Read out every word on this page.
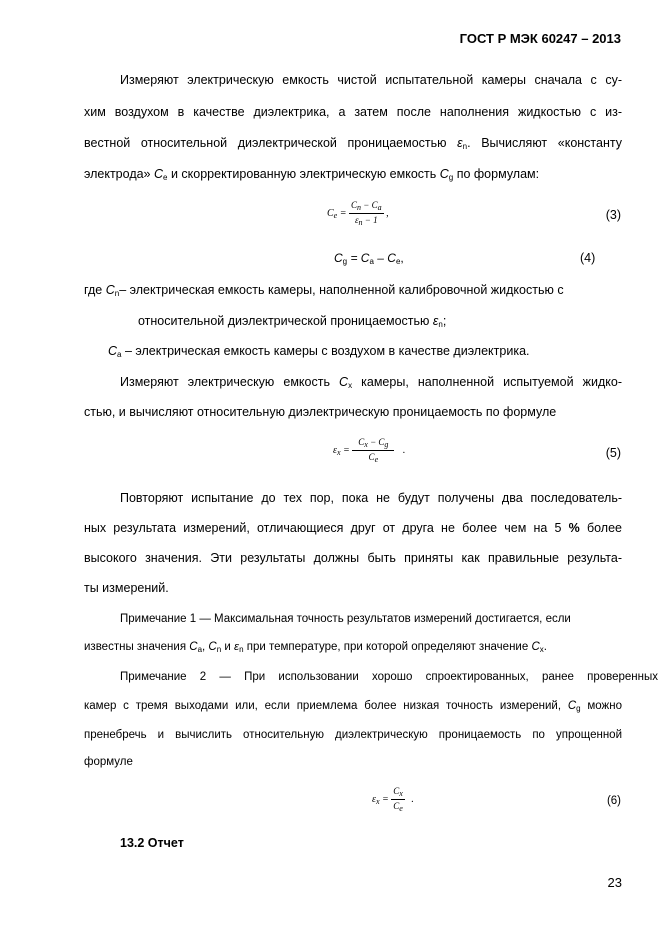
ГОСТ Р МЭК 60247 – 2013
Измеряют электрическую емкость чистой испытательной камеры сначала с су-
хим воздухом в качестве диэлектрика, а затем после наполнения жидкостью с из-
вестной относительной диэлектрической проницаемостью $\varepsilon_n$. Вычисляют «константу
электрода» $C_e$ и скорректированную электрическую емкость $C_g$ по формулам:
$C_e = \frac{C_n - C_a}{\varepsilon_n - 1}$ ,	(3)
$C_g = C_a - C_e$,	(4)
где $C_n-$ электрическая емкость камеры, наполненной калибровочной жидкостью с
относительной диэлектрической проницаемостью $\varepsilon_n$;
$C_a$ – электрическая емкость камеры с воздухом в качестве диэлектрика.
Измеряют электрическую емкость $C_x$ камеры, наполненной испытуемой жидко-
стью, и вычисляют относительную диэлектрическую проницаемость по формуле
$\varepsilon_x = \frac{C_x - C_g}{C_e}$ .	(5)
Повторяют испытание до тех пор, пока не будут получены два последователь-
ных результата измерений, отличающиеся друг от друга не более чем на 5 % более
высокого значения. Эти результаты должны быть приняты как правильные результа-
ты измерений.
Примечание 1 — Максимальная точность результатов измерений достигается, если
известны значения $C_a$, $C_n$ и $\varepsilon_n$ при температуре, при которой определяют значение $C_x$.
Примечание 2 — При использовании хорошо спроектированных, ранее проверенных
камер с тремя выходами или, если приемлема более низкая точность измерений, $C_g$ можно
пренебречь и вычислить относительную диэлектрическую проницаемость по упрощенной
формуле
$\varepsilon_x = \frac{C_x}{C_e}$ .	(6)
13.2 Отчет
23
